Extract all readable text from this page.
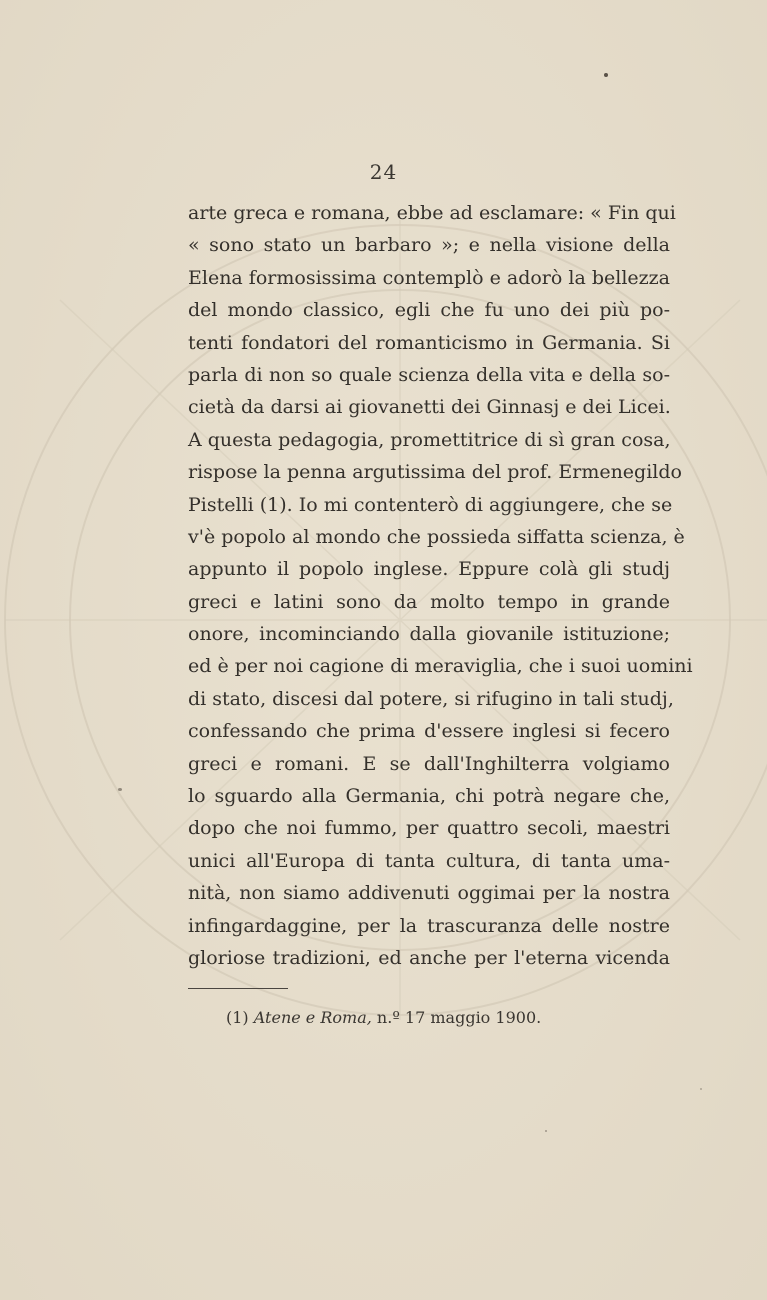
24
arte greca e romana, ebbe ad esclamare: « Fin qui
« sono stato un barbaro »; e nella visione della
Elena formosissima contemplò e adorò la bellezza
del mondo classico, egli che fu uno dei più po-
tenti fondatori del romanticismo in Germania. Si
parla di non so quale scienza della vita e della so-
cietà da darsi ai giovanetti dei Ginnasj e dei Licei.
A questa pedagogia, promettitrice di sì gran cosa,
rispose la penna argutissima del prof. Ermenegildo
Pistelli (1). Io mi contenterò di aggiungere, che se
v'è popolo al mondo che possieda siffatta scienza, è
appunto il popolo inglese. Eppure colà gli studj
greci e latini sono da molto tempo in grande
onore, incominciando dalla giovanile istituzione;
ed è per noi cagione di meraviglia, che i suoi uomini
di stato, discesi dal potere, si rifugino in tali studj,
confessando che prima d'essere inglesi si fecero
greci e romani. E se dall'Inghilterra volgiamo
lo sguardo alla Germania, chi potrà negare che,
dopo che noi fummo, per quattro secoli, maestri
unici all'Europa di tanta cultura, di tanta uma-
nità, non siamo addivenuti oggimai per la nostra
infingardaggine, per la trascuranza delle nostre
gloriose tradizioni, ed anche per l'eterna vicenda
(1) Atene e Roma, n.º 17 maggio 1900.
